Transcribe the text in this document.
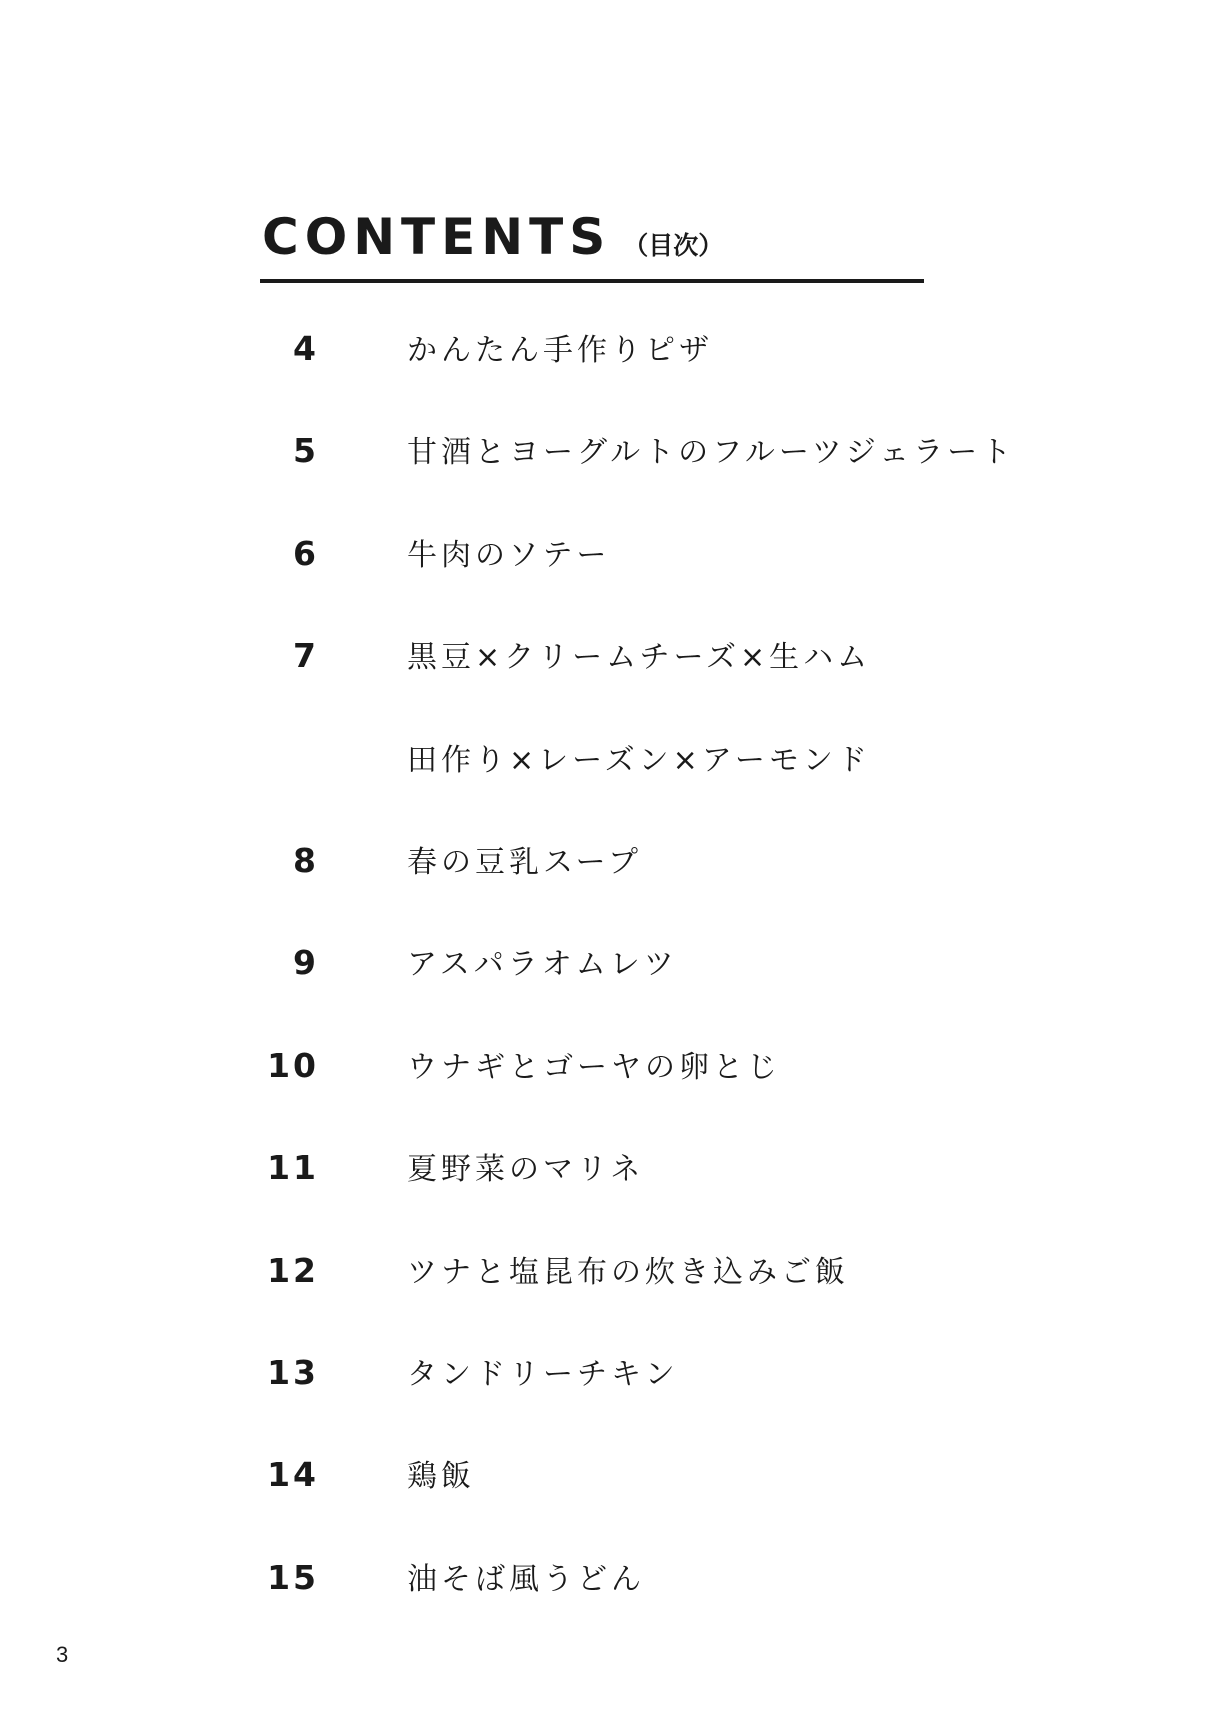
CONTENTS （目次）
4	かんたん手作りピザ
5	甘酒とヨーグルトのフルーツジェラート
6	牛肉のソテー
7	黒豆×クリームチーズ×生ハム
田作り×レーズン×アーモンド
8	春の豆乳スープ
9	アスパラオムレツ
10	ウナギとゴーヤの卵とじ
11	夏野菜のマリネ
12	ツナと塩昆布の炊き込みご飯
13	タンドリーチキン
14	鶏飯
15	油そば風うどん
3
